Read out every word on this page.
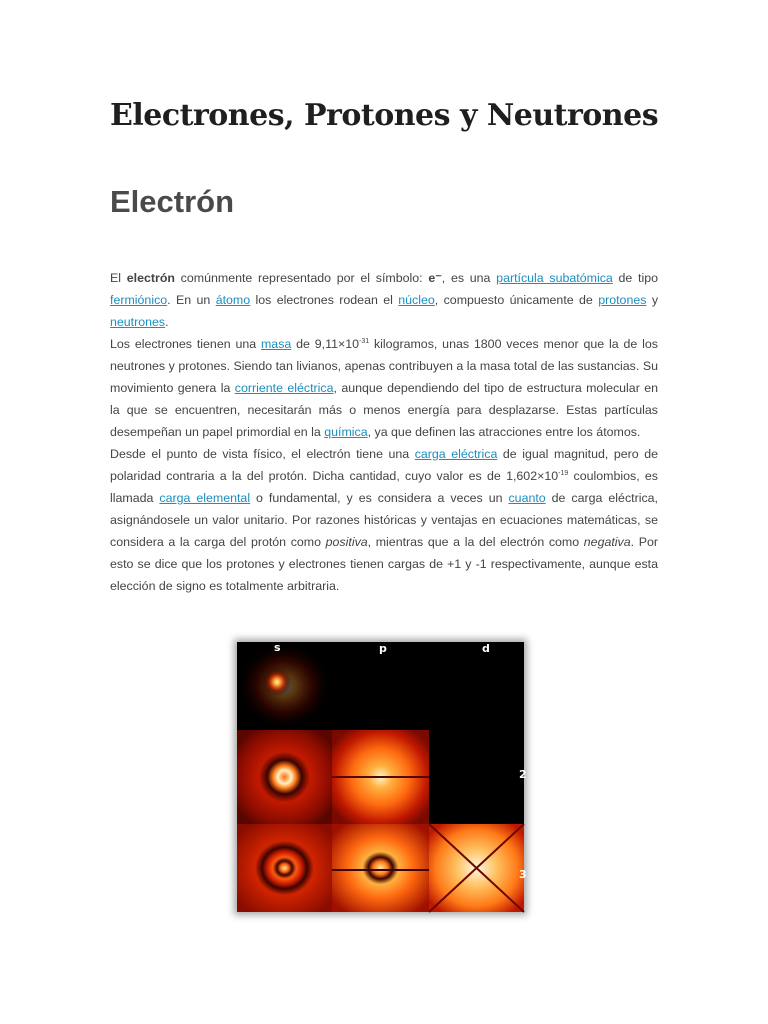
Electrones, Protones y Neutrones
Electrón

El electrón comúnmente representado por el símbolo: e⁻, es una partícula subatómica de tipo fermiónico. En un átomo los electrones rodean el núcleo, compuesto únicamente de protones y neutrones.

Los electrones tienen una masa de $9,11\times 10^{-31}$ kilogramos, unas 1800 veces menor que la de los neutrones y protones. Siendo tan livianos, apenas contribuyen a la masa total de las sustancias. Su movimiento genera la corriente eléctrica, aunque dependiendo del tipo de estructura molecular en la que se encuentren, necesitarán más o menos energía para desplazarse. Estas partículas desempeñan un papel primordial en la química, ya que definen las atracciones entre los átomos.

Desde el punto de vista físico, el electrón tiene una carga eléctrica de igual magnitud, pero de polaridad contraria a la del protón. Dicha cantidad, cuyo valor es de $1,602\times 10^{-19}$ coulombios, es llamada carga elemental o fundamental, y es considera a veces un cuanto de carga eléctrica, asignándosele un valor unitario. Por razones históricas y ventajas en ecuaciones matemáticas, se considera a la carga del protón como positiva, mientras que a la del electrón como negativa. Por esto se dice que los protones y electrones tienen cargas de +1 y -1 respectivamente, aunque esta elección de signo es totalmente arbitraria.

s	p	d
2
3
